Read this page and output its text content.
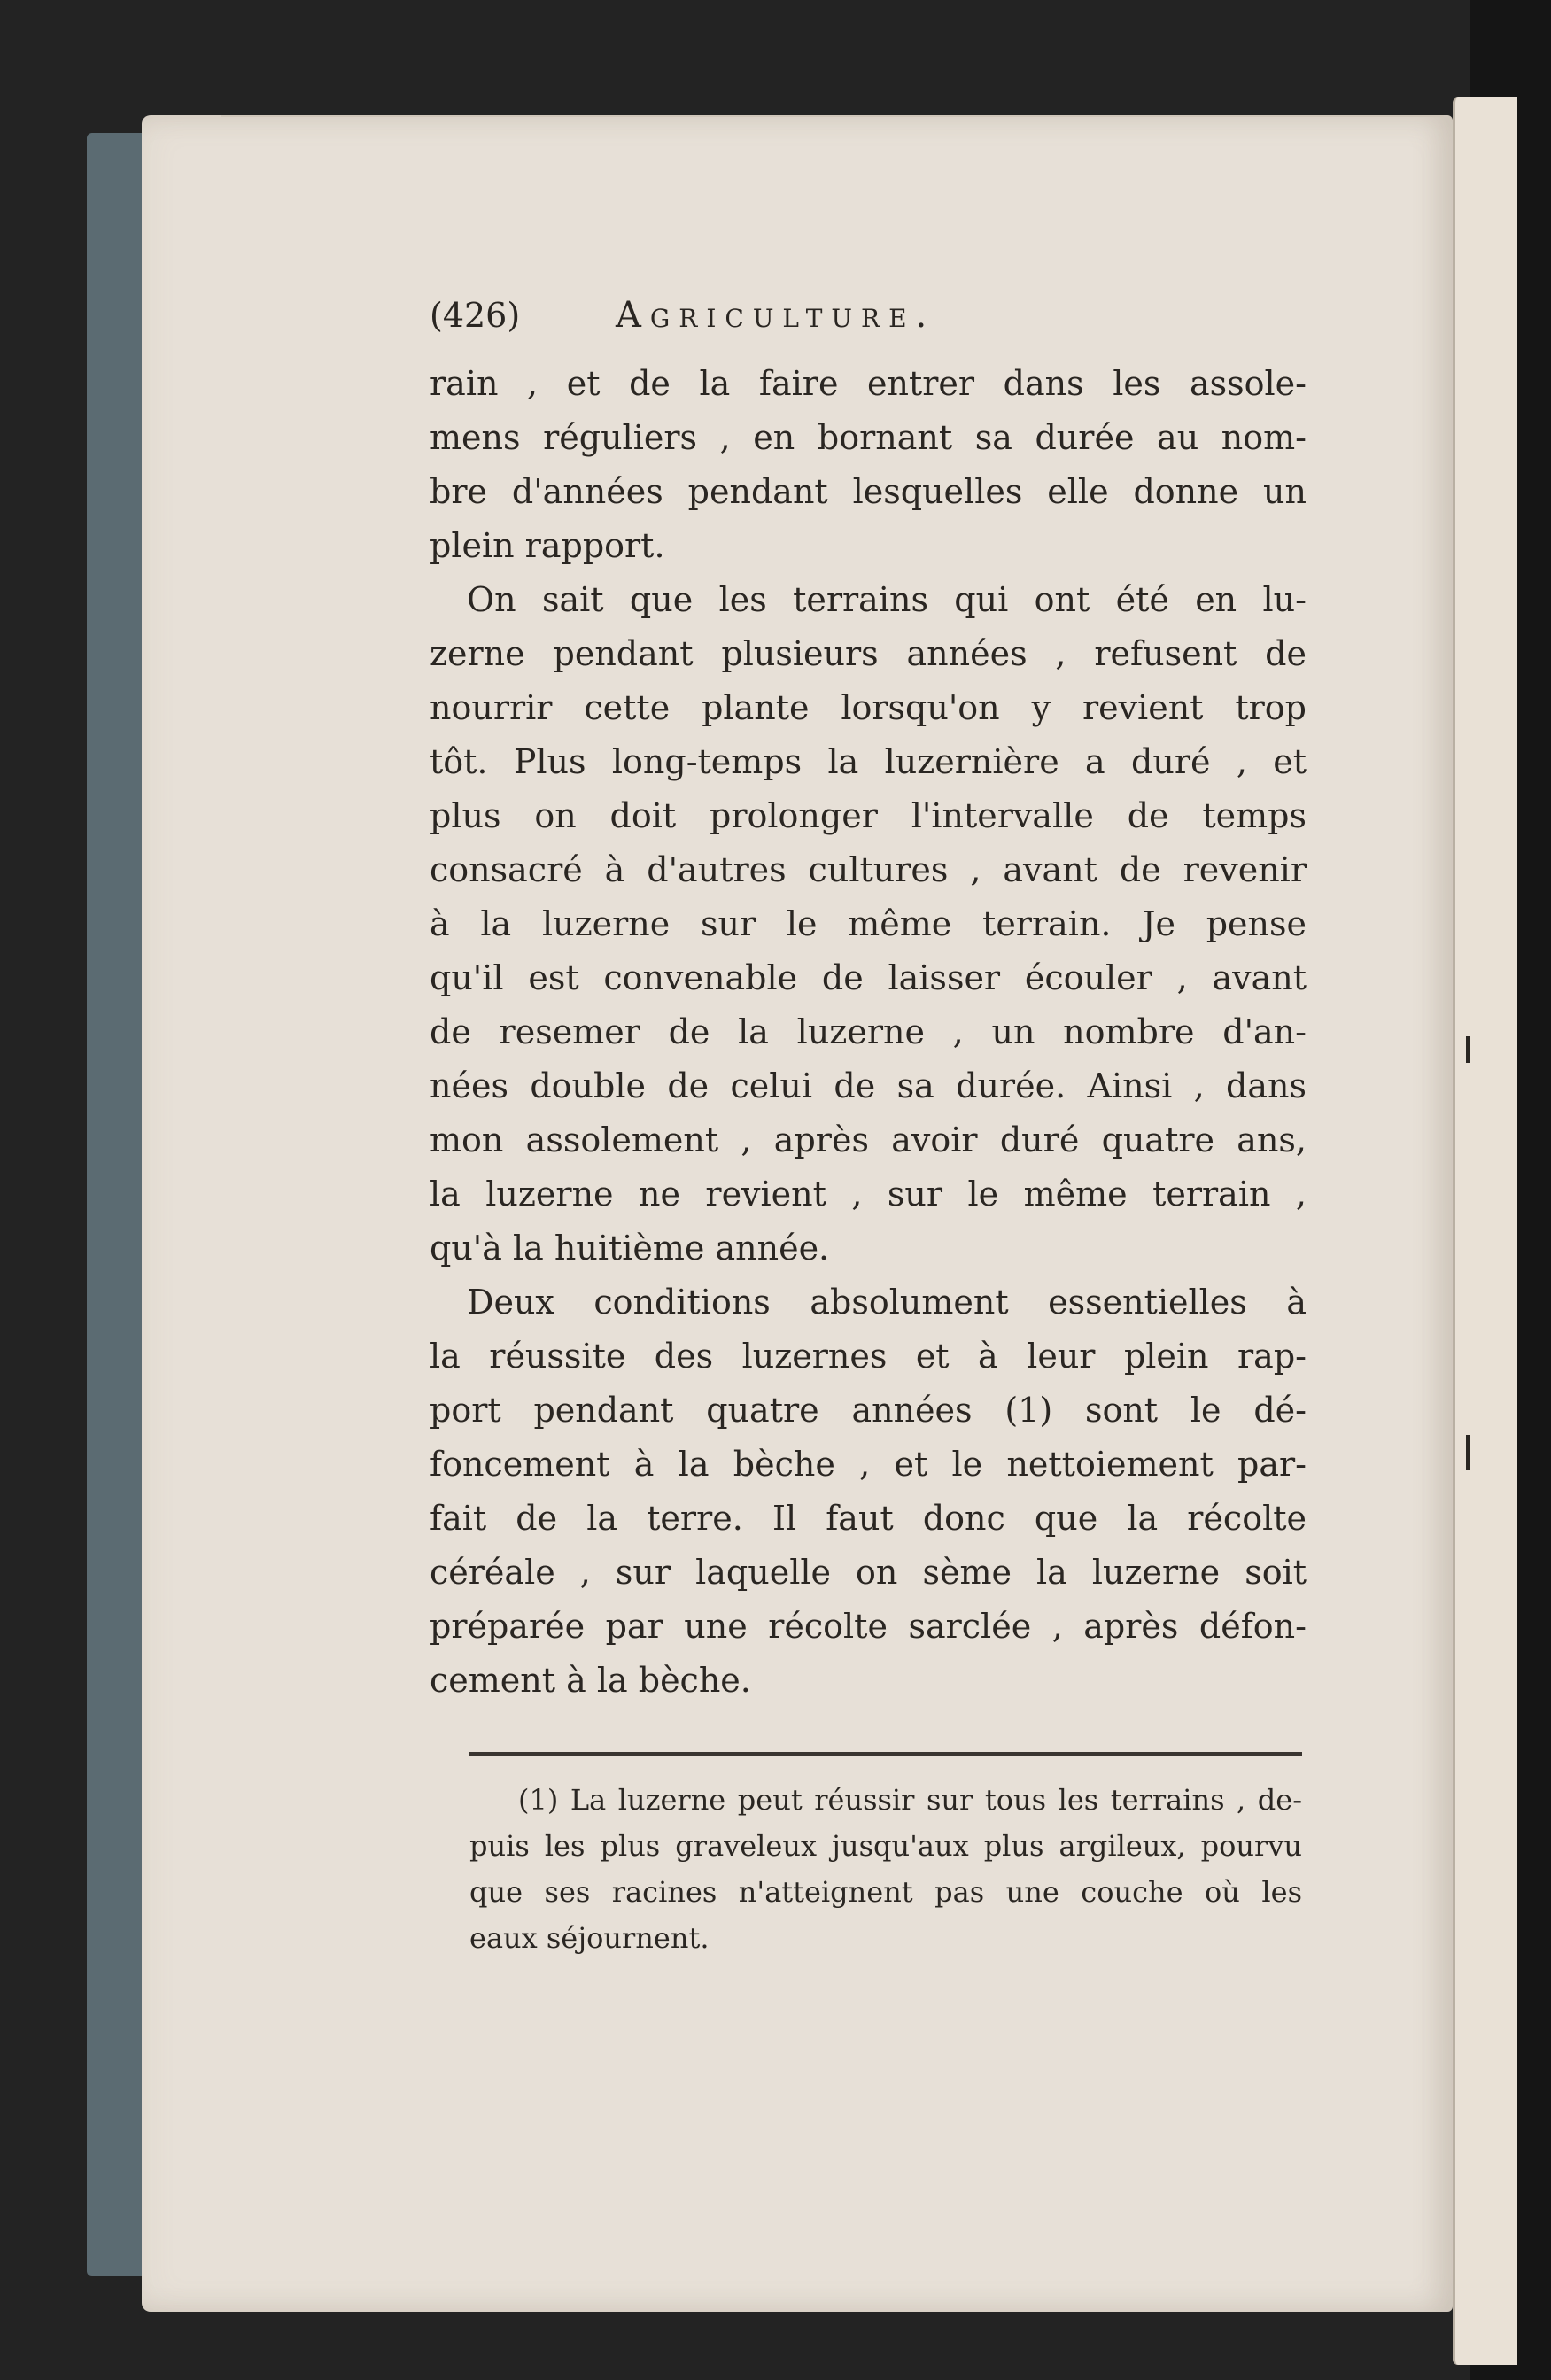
(426)	Agriculture.
rain , et de la faire entrer dans les assole-
mens réguliers , en bornant sa durée au nom-
bre d'années pendant lesquelles elle donne un
plein rapport.
On sait que les terrains qui ont été en lu-
zerne pendant plusieurs années , refusent de
nourrir cette plante lorsqu'on y revient trop
tôt. Plus long-temps la luzernière a duré , et
plus on doit prolonger l'intervalle de temps
consacré à d'autres cultures , avant de revenir
à la luzerne sur le même terrain. Je pense
qu'il est convenable de laisser écouler , avant
de resemer de la luzerne , un nombre d'an-
nées double de celui de sa durée. Ainsi , dans
mon assolement , après avoir duré quatre ans,
la luzerne ne revient , sur le même terrain ,
qu'à la huitième année.
Deux conditions absolument essentielles à
la réussite des luzernes et à leur plein rap-
port pendant quatre années (1) sont le dé-
foncement à la bèche , et le nettoiement par-
fait de la terre. Il faut donc que la récolte
céréale , sur laquelle on sème la luzerne soit
préparée par une récolte sarclée , après défon-
cement à la bèche.
(1) La luzerne peut réussir sur tous les terrains , de-
puis les plus graveleux jusqu'aux plus argileux, pourvu
que ses racines n'atteignent pas une couche où les
eaux séjournent.
